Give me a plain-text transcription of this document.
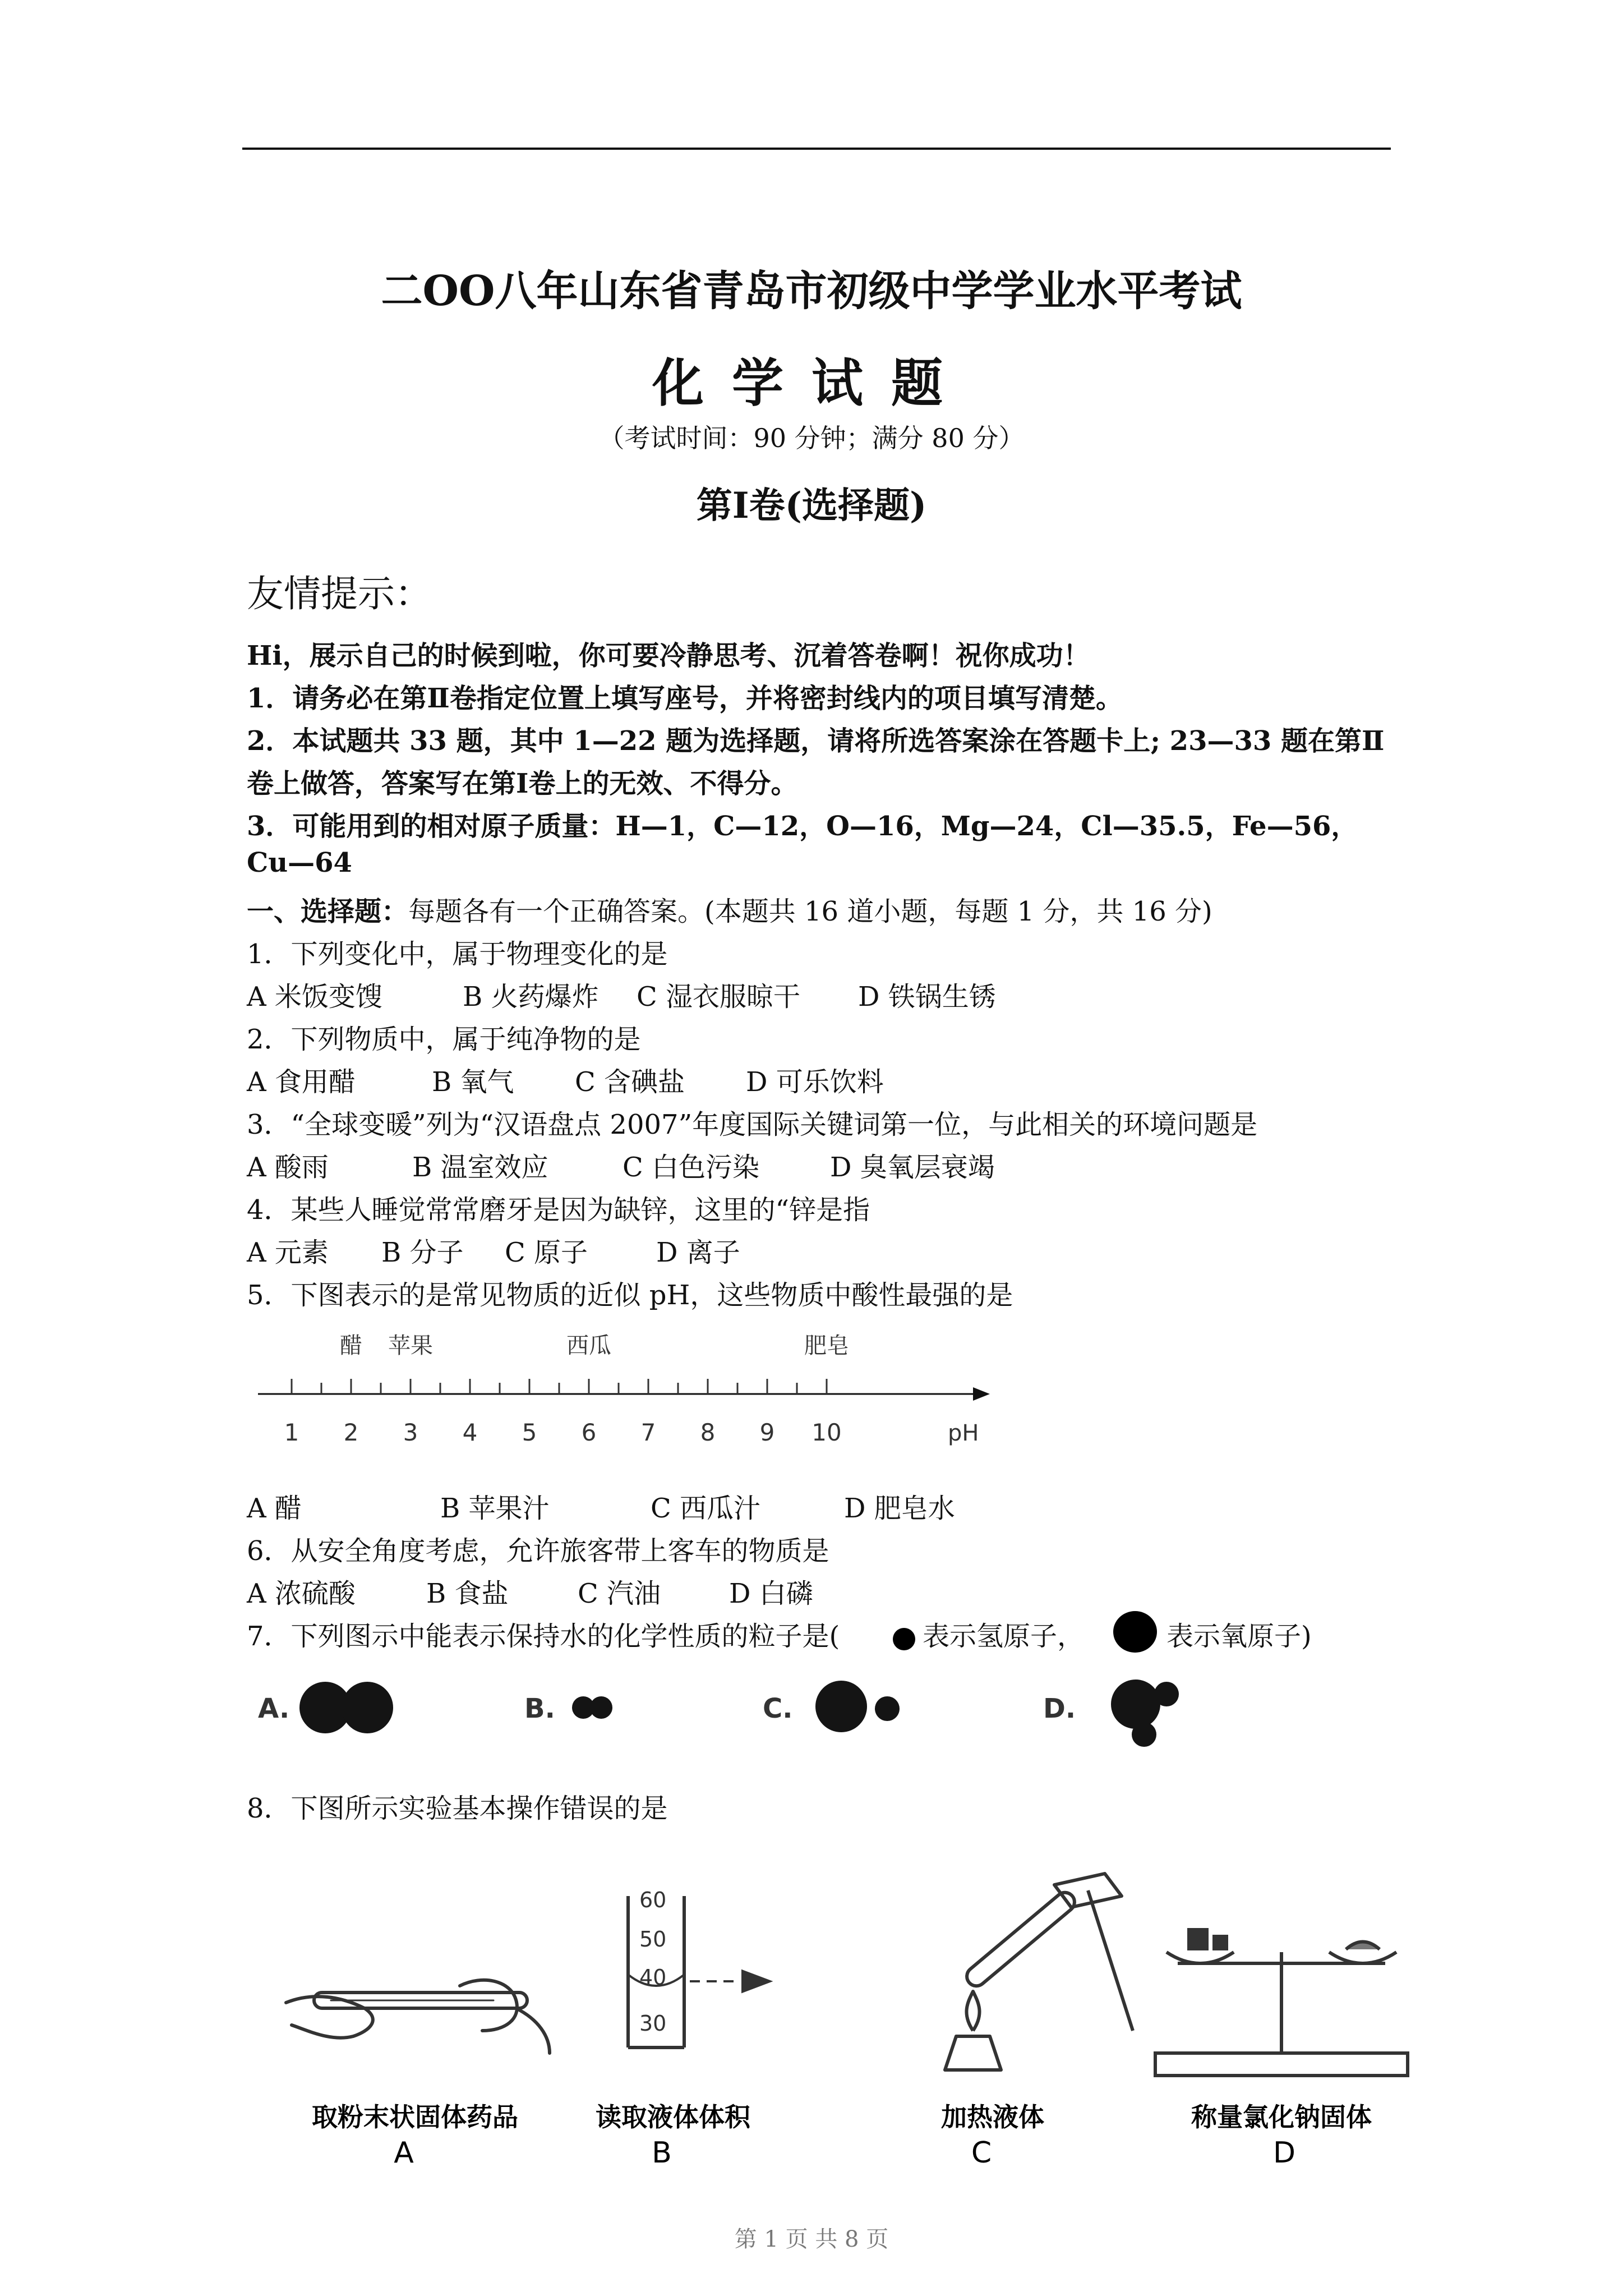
二OO八年山东省青岛市初级中学学业水平考试
化学试题
（考试时间：90 分钟；满分 80 分）
第Ⅰ卷(选择题)
友情提示：
Hi，展示自己的时候到啦，你可要冷静思考、沉着答卷啊！祝你成功！
1．请务必在第Ⅱ卷指定位置上填写座号，并将密封线内的项目填写清楚。
2．本试题共 33 题，其中 1—22 题为选择题，请将所选答案涂在答题卡上; 23—33 题在第Ⅱ
卷上做答，答案写在第Ⅰ卷上的无效、不得分。
3．可能用到的相对原子质量：H—1，C—12，O—16，Mg—24，Cl—35.5，Fe—56，
Cu—64
一、选择题：每题各有一个正确答案。(本题共 16 道小题，每题 1 分，共 16 分)
1．下列变化中，属于物理变化的是
A 米饭变馊	B 火药爆炸 C 湿衣服晾干 D 铁锅生锈
2．下列物质中，属于纯净物的是
A 食用醋	B 氧气 C 含碘盐 D 可乐饮料
3．“全球变暖”列为“汉语盘点 2007”年度国际关键词第一位，与此相关的环境问题是
A 酸雨	B 温室效应	C 白色污染	D 臭氧层衰竭
4．某些人睡觉常常磨牙是因为缺锌，这里的“锌是指
A 元素 B 分子 C 原子	D 离子
5．下图表示的是常见物质的近似 pH，这些物质中酸性最强的是
1 2 3 4 5 6 7 8 9 10
醋 苹果	西瓜	肥皂
pH
A 醋	B 苹果汁	C 西瓜汁	D 肥皂水
6．从安全角度考虑，允许旅客带上客车的物质是
A 浓硫酸	B 食盐	C 汽油	D 白磷
7．下列图示中能表示保持水的化学性质的粒子是(	表示氢原子，	表示氧原子)
A.	B.	C.	D.
8．下图所示实验基本操作错误的是
60
50
40
30
取粉末状固体药品	读取液体体积	加热液体	称量氯化钠固体
A	B	C	D
第 1 页 共 8 页
